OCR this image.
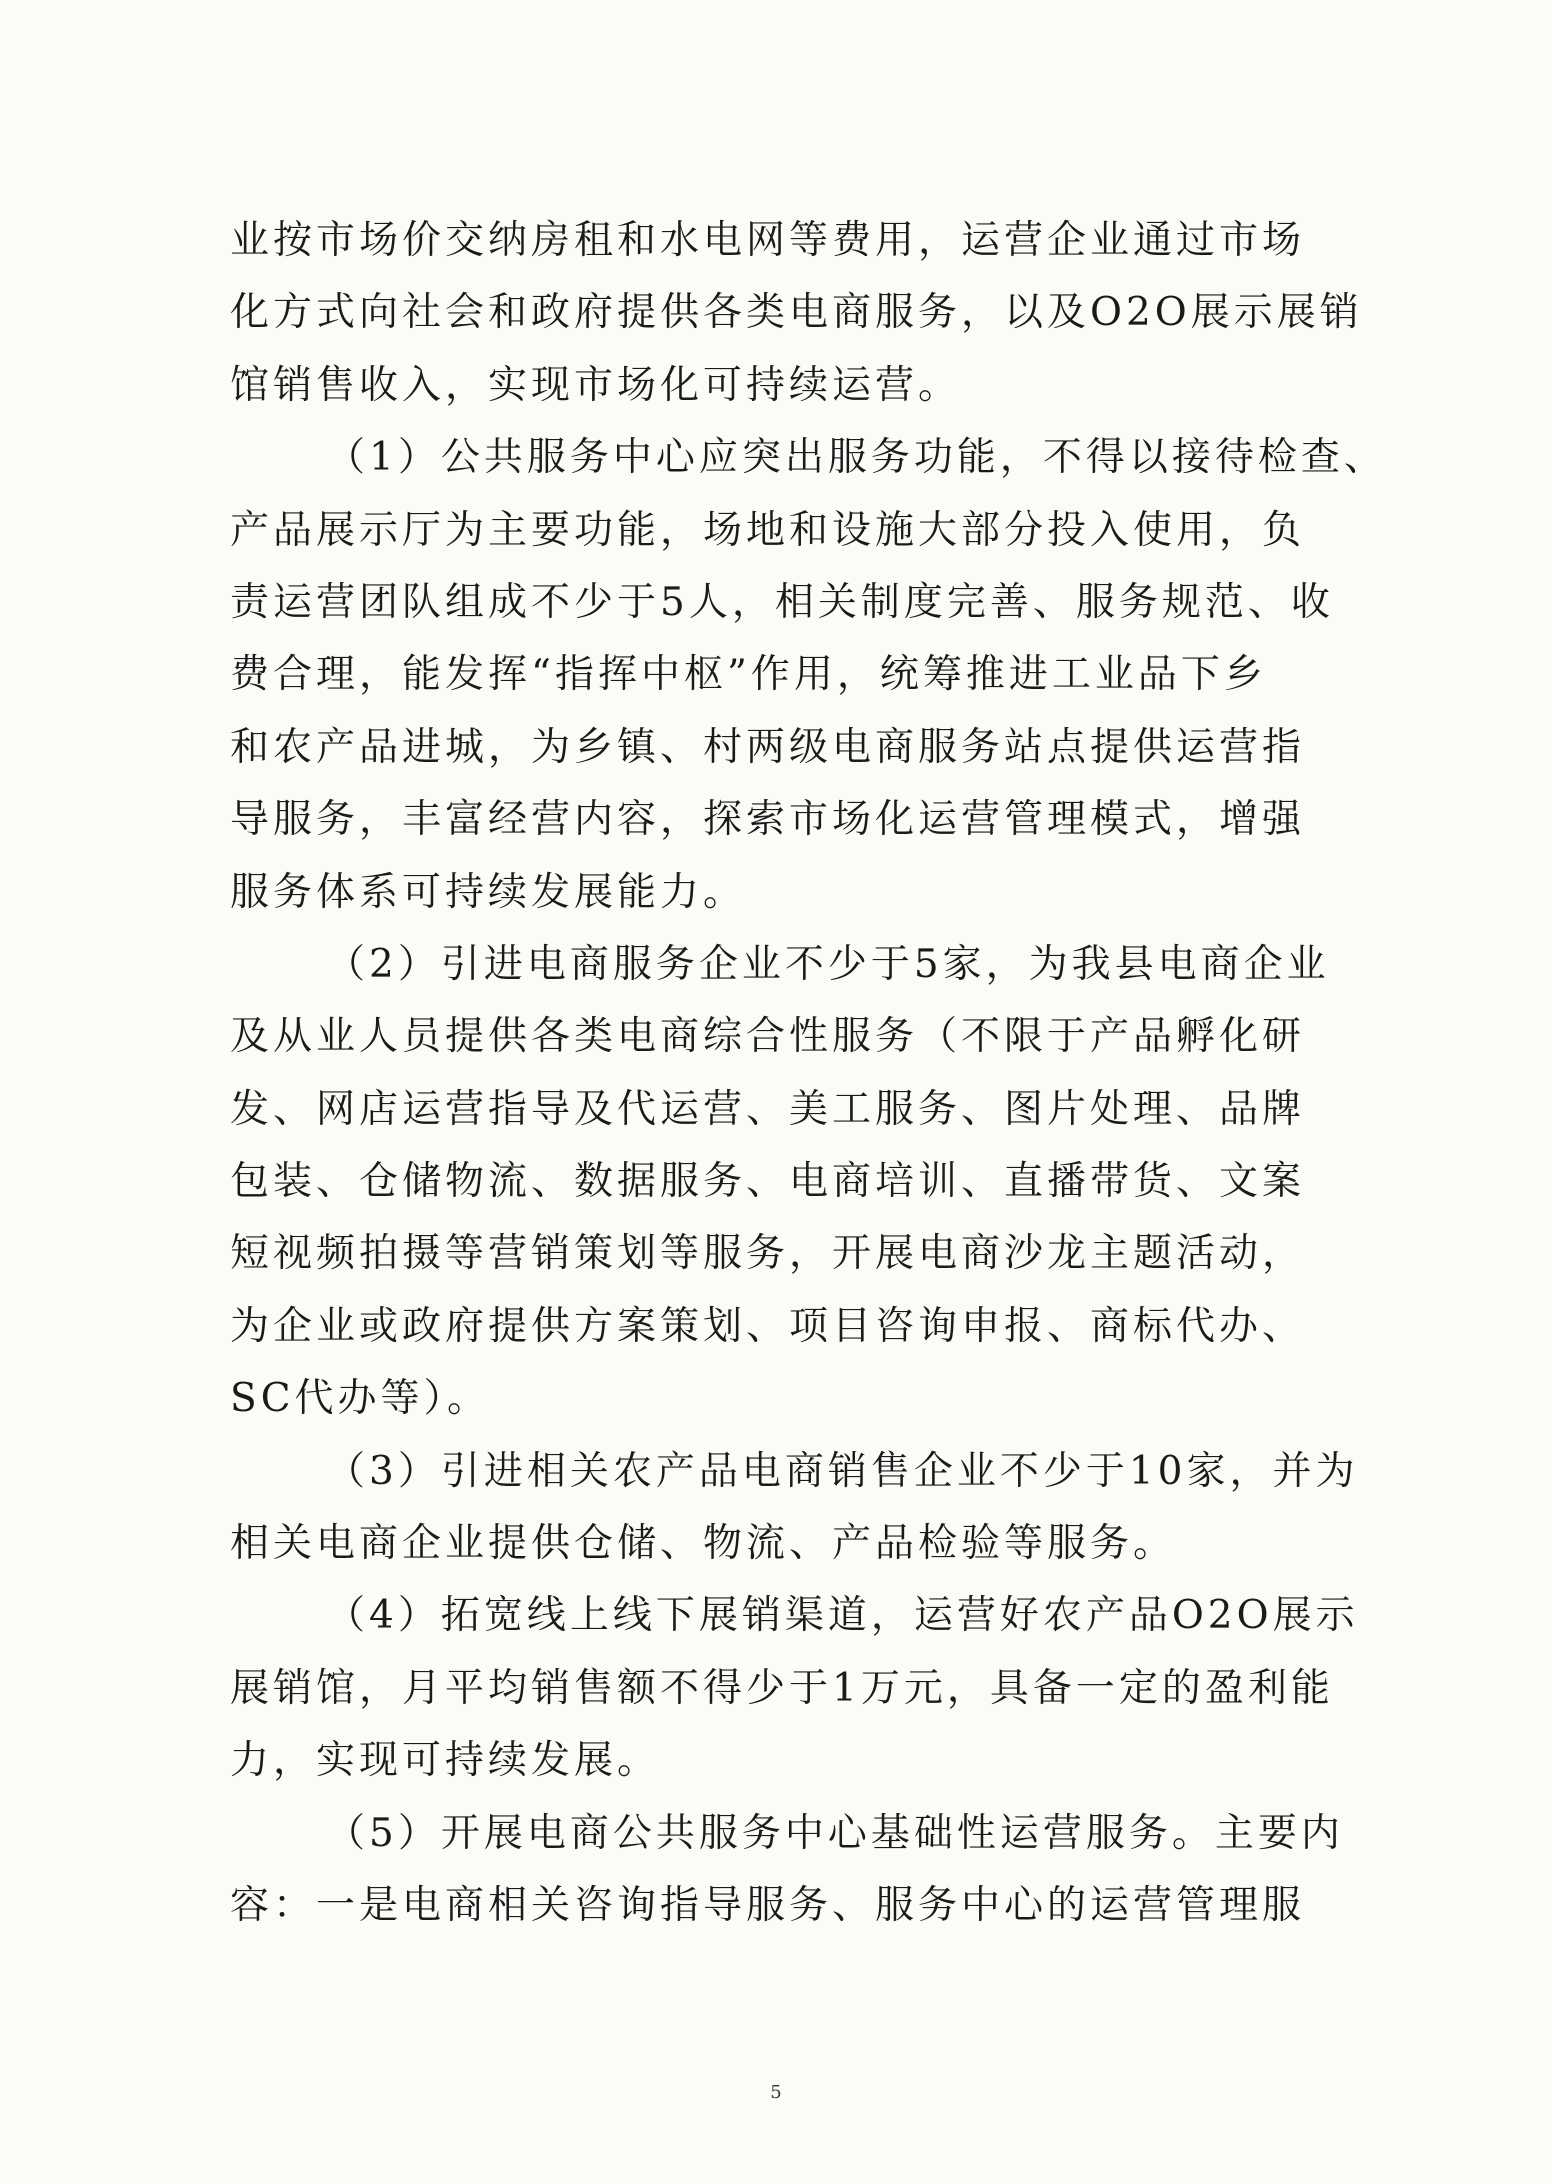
业按市场价交纳房租和水电网等费用，运营企业通过市场
化方式向社会和政府提供各类电商服务，以及O2O展示展销
馆销售收入，实现市场化可持续运营。
（1）公共服务中心应突出服务功能，不得以接待检查、
产品展示厅为主要功能，场地和设施大部分投入使用，负
责运营团队组成不少于5人，相关制度完善、服务规范、收
费合理，能发挥“指挥中枢”作用，统筹推进工业品下乡
和农产品进城，为乡镇、村两级电商服务站点提供运营指
导服务，丰富经营内容，探索市场化运营管理模式，增强
服务体系可持续发展能力。
（2）引进电商服务企业不少于5家，为我县电商企业
及从业人员提供各类电商综合性服务（不限于产品孵化研
发、网店运营指导及代运营、美工服务、图片处理、品牌
包装、仓储物流、数据服务、电商培训、直播带货、文案
短视频拍摄等营销策划等服务，开展电商沙龙主题活动，
为企业或政府提供方案策划、项目咨询申报、商标代办、
SC代办等）。
（3）引进相关农产品电商销售企业不少于10家，并为
相关电商企业提供仓储、物流、产品检验等服务。
（4）拓宽线上线下展销渠道，运营好农产品O2O展示
展销馆，月平均销售额不得少于1万元，具备一定的盈利能
力，实现可持续发展。
（5）开展电商公共服务中心基础性运营服务。主要内
容：一是电商相关咨询指导服务、服务中心的运营管理服
5
